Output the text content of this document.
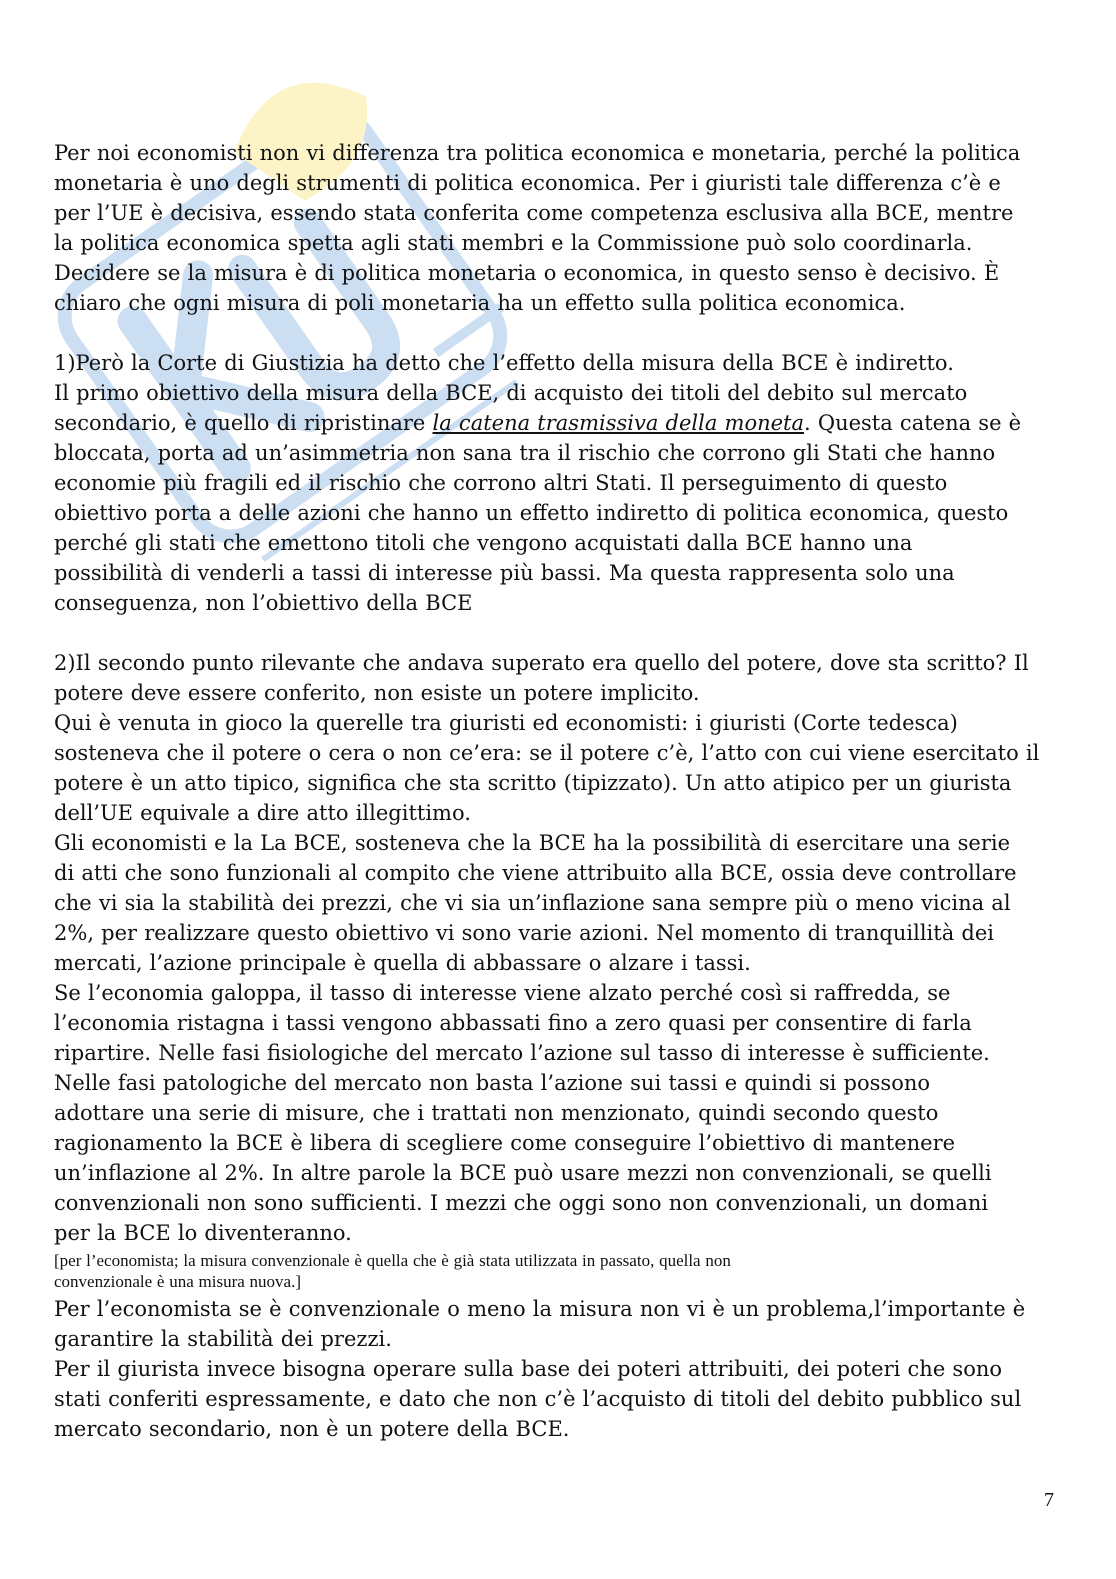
Per noi economisti non vi differenza tra politica economica e monetaria, perché la politica
monetaria è uno degli strumenti di politica economica. Per i giuristi tale differenza c’è e
per l’UE è decisiva, essendo stata conferita come competenza esclusiva alla BCE, mentre
la politica economica spetta agli stati membri e la Commissione può solo coordinarla.
Decidere se la misura è di politica monetaria o economica, in questo senso è decisivo. È
chiaro che ogni misura di poli monetaria ha un effetto sulla politica economica.

1)Però la Corte di Giustizia ha detto che l’effetto della misura della BCE è indiretto.
Il primo obiettivo della misura della BCE, di acquisto dei titoli del debito sul mercato
secondario, è quello di ripristinare la catena trasmissiva della moneta. Questa catena se è
bloccata, porta ad un’asimmetria non sana tra il rischio che corrono gli Stati che hanno
economie più fragili ed il rischio che corrono altri Stati. Il perseguimento di questo
obiettivo porta a delle azioni che hanno un effetto indiretto di politica economica, questo
perché gli stati che emettono titoli che vengono acquistati dalla BCE hanno una
possibilità di venderli a tassi di interesse più bassi. Ma questa rappresenta solo una
conseguenza, non l’obiettivo della BCE

2)Il secondo punto rilevante che andava superato era quello del potere, dove sta scritto? Il
potere deve essere conferito, non esiste un potere implicito.
Qui è venuta in gioco la querelle tra giuristi ed economisti: i giuristi (Corte tedesca)
sosteneva che il potere o cera o non ce’era: se il potere c’è, l’atto con cui viene esercitato il
potere è un atto tipico, significa che sta scritto (tipizzato). Un atto atipico per un giurista
dell’UE equivale a dire atto illegittimo.
Gli economisti e la La BCE, sosteneva che la BCE ha la possibilità di esercitare una serie
di atti che sono funzionali al compito che viene attribuito alla BCE, ossia deve controllare
che vi sia la stabilità dei prezzi, che vi sia un’inflazione sana sempre più o meno vicina al
2%, per realizzare questo obiettivo vi sono varie azioni. Nel momento di tranquillità dei
mercati, l’azione principale è quella di abbassare o alzare i tassi.
Se l’economia galoppa, il tasso di interesse viene alzato perché così si raffredda, se
l’economia ristagna i tassi vengono abbassati fino a zero quasi per consentire di farla
ripartire. Nelle fasi fisiologiche del mercato l’azione sul tasso di interesse è sufficiente.
Nelle fasi patologiche del mercato non basta l’azione sui tassi e quindi si possono
adottare una serie di misure, che i trattati non menzionato, quindi secondo questo
ragionamento la BCE è libera di scegliere come conseguire l’obiettivo di mantenere
un’inflazione al 2%. In altre parole la BCE può usare mezzi non convenzionali, se quelli
convenzionali non sono sufficienti. I mezzi che oggi sono non convenzionali, un domani
per la BCE lo diventeranno.

[per l’economista; la misura convenzionale è quella che è già stata utilizzata in passato, quella non
convenzionale è una misura nuova.]

Per l’economista se è convenzionale o meno la misura non vi è un problema,l’importante è
garantire la stabilità dei prezzi.
Per il giurista invece bisogna operare sulla base dei poteri attribuiti, dei poteri che sono
stati conferiti espressamente, e dato che non c’è l’acquisto di titoli del debito pubblico sul
mercato secondario, non è un potere della BCE.

7
